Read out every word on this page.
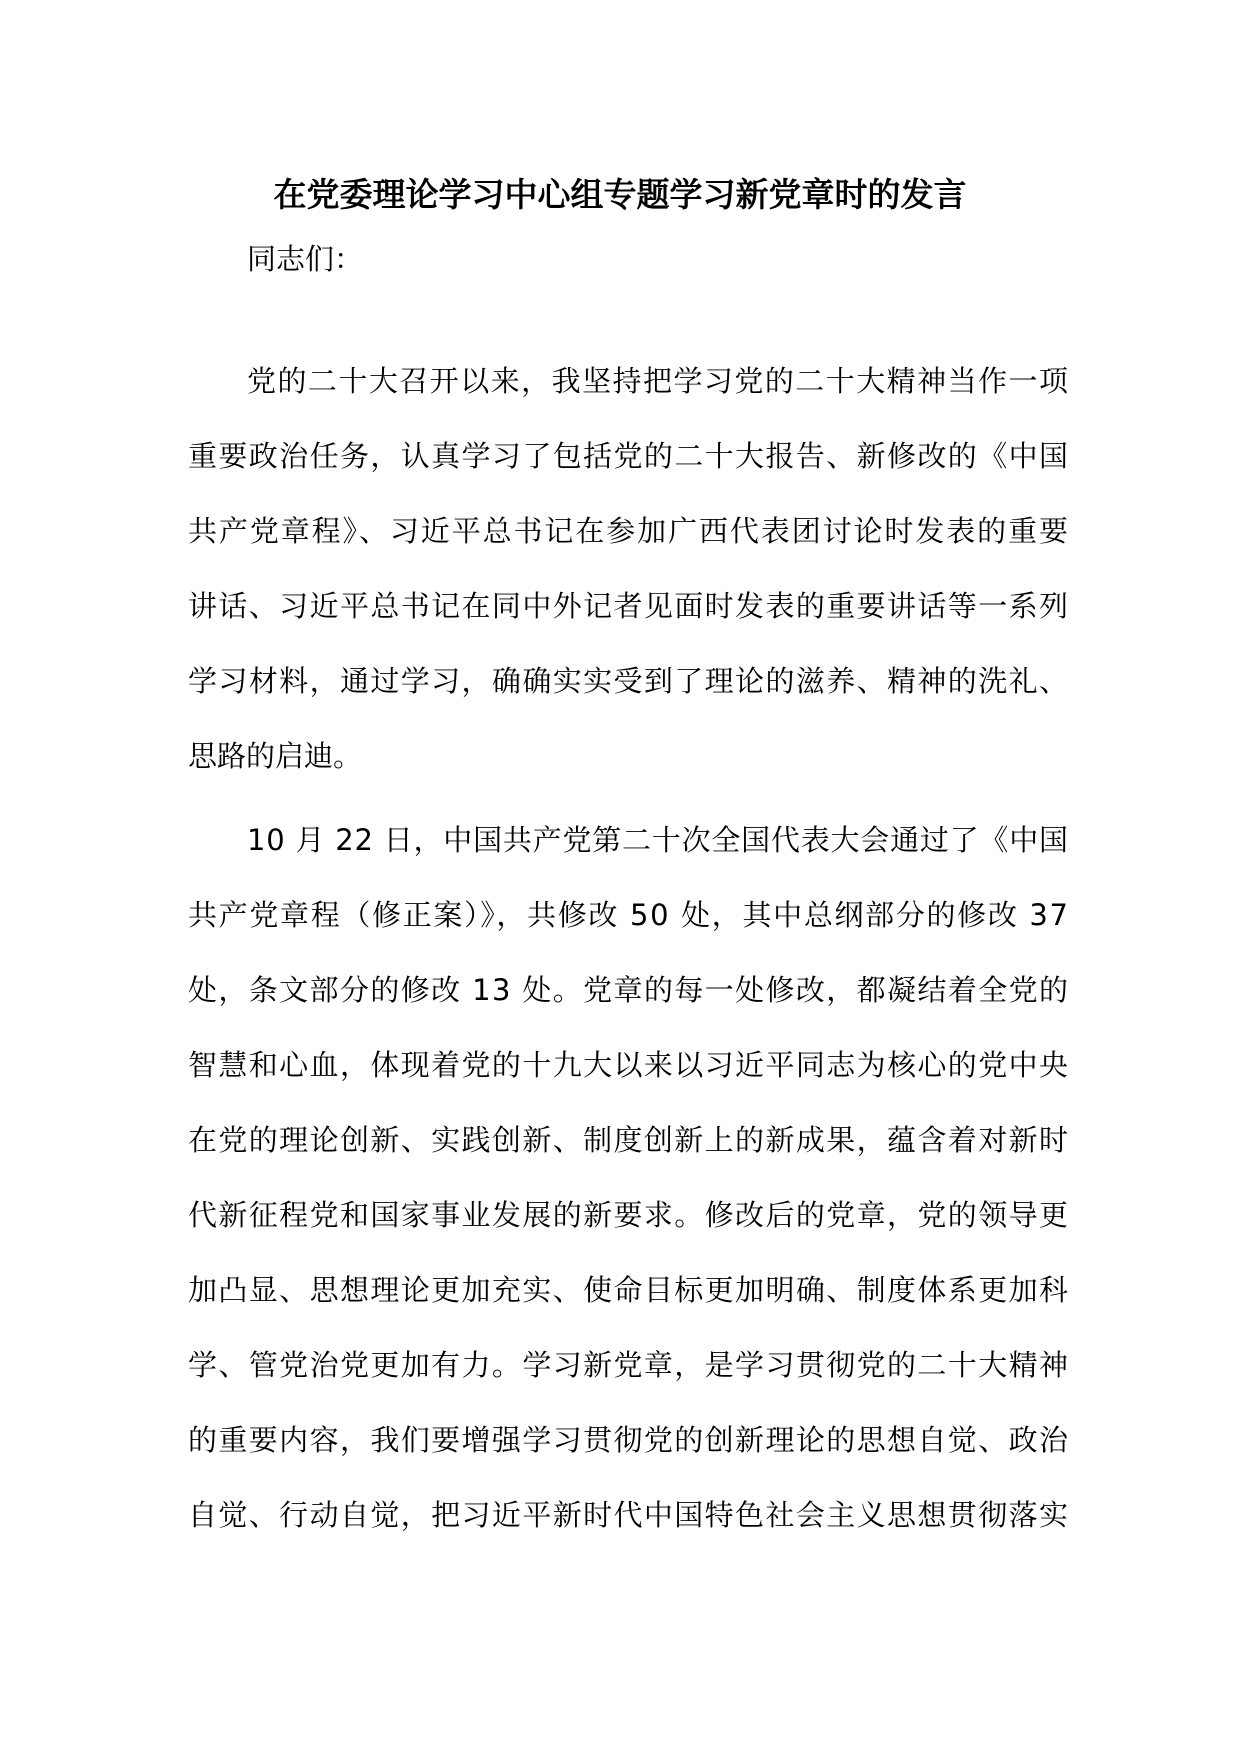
在党委理论学习中心组专题学习新党章时的发言
同志们：
党的二十大召开以来，我坚持把学习党的二十大精神当作一项
重要政治任务，认真学习了包括党的二十大报告、新修改的《中国
共产党章程》、习近平总书记在参加广西代表团讨论时发表的重要
讲话、习近平总书记在同中外记者见面时发表的重要讲话等一系列
学习材料，通过学习，确确实实受到了理论的滋养、精神的洗礼、
思路的启迪。
10 月 22 日，中国共产党第二十次全国代表大会通过了《中国
共产党章程（修正案）》，共修改 50 处，其中总纲部分的修改 37
处，条文部分的修改 13 处。党章的每一处修改，都凝结着全党的
智慧和心血，体现着党的十九大以来以习近平同志为核心的党中央
在党的理论创新、实践创新、制度创新上的新成果，蕴含着对新时
代新征程党和国家事业发展的新要求。修改后的党章，党的领导更
加凸显、思想理论更加充实、使命目标更加明确、制度体系更加科
学、管党治党更加有力。学习新党章，是学习贯彻党的二十大精神
的重要内容，我们要增强学习贯彻党的创新理论的思想自觉、政治
自觉、行动自觉，把习近平新时代中国特色社会主义思想贯彻落实
